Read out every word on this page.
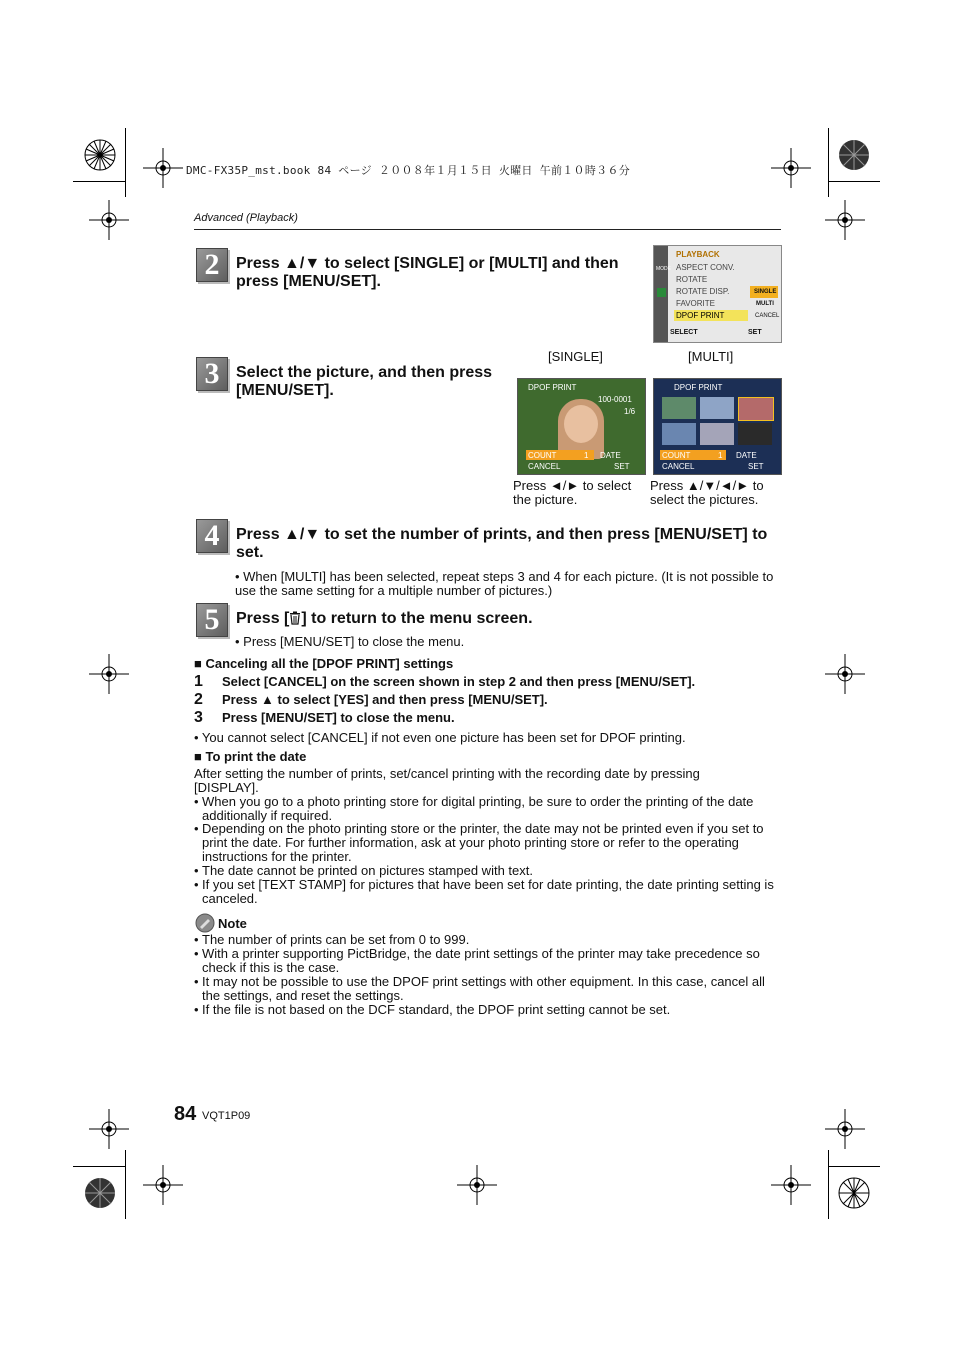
DMC-FX35P_mst.book 84 ページ ２００８年１月１５日 火曜日 午前１０時３６分
Advanced (Playback)
2	Press ▲/▼ to select [SINGLE] or [MULTI] and then press [MENU/SET].
MODE
PLAYBACK
ASPECT CONV.
ROTATE
ROTATE DISP.
FAVORITE
DPOF PRINT
SINGLE
MULTI
CANCEL
SELECT	SET
3	Select the picture, and then press [MENU/SET].
[SINGLE]	[MULTI]
DPOF PRINT
100-0001
1/6
COUNT	1 DATE
CANCEL	SET
DPOF PRINT
COUNT	1 DATE
CANCEL	SET
Press ◄/► to select the picture.
Press ▲/▼/◄/► to select the pictures.
4	Press ▲/▼ to set the number of prints, and then press [MENU/SET] to set.
• When [MULTI] has been selected, repeat steps 3 and 4 for each picture. (It is not possible to use the same setting for a multiple number of pictures.)
5	Press [ ] to return to the menu screen.
• Press [MENU/SET] to close the menu.
■ Canceling all the [DPOF PRINT] settings
1 Select [CANCEL] on the screen shown in step 2 and then press [MENU/SET].
2 Press ▲ to select [YES] and then press [MENU/SET].
3 Press [MENU/SET] to close the menu.
• You cannot select [CANCEL] if not even one picture has been set for DPOF printing.
■ To print the date
After setting the number of prints, set/cancel printing with the recording date by pressing [DISPLAY].
• When you go to a photo printing store for digital printing, be sure to order the printing of the date additionally if required.
• Depending on the photo printing store or the printer, the date may not be printed even if you set to print the date. For further information, ask at your photo printing store or refer to the operating instructions for the printer.
• The date cannot be printed on pictures stamped with text.
• If you set [TEXT STAMP] for pictures that have been set for date printing, the date printing setting is canceled.
Note
• The number of prints can be set from 0 to 999.
• With a printer supporting PictBridge, the date print settings of the printer may take precedence so check if this is the case.
• It may not be possible to use the DPOF print settings with other equipment. In this case, cancel all the settings, and reset the settings.
• If the file is not based on the DCF standard, the DPOF print setting cannot be set.
84 VQT1P09
